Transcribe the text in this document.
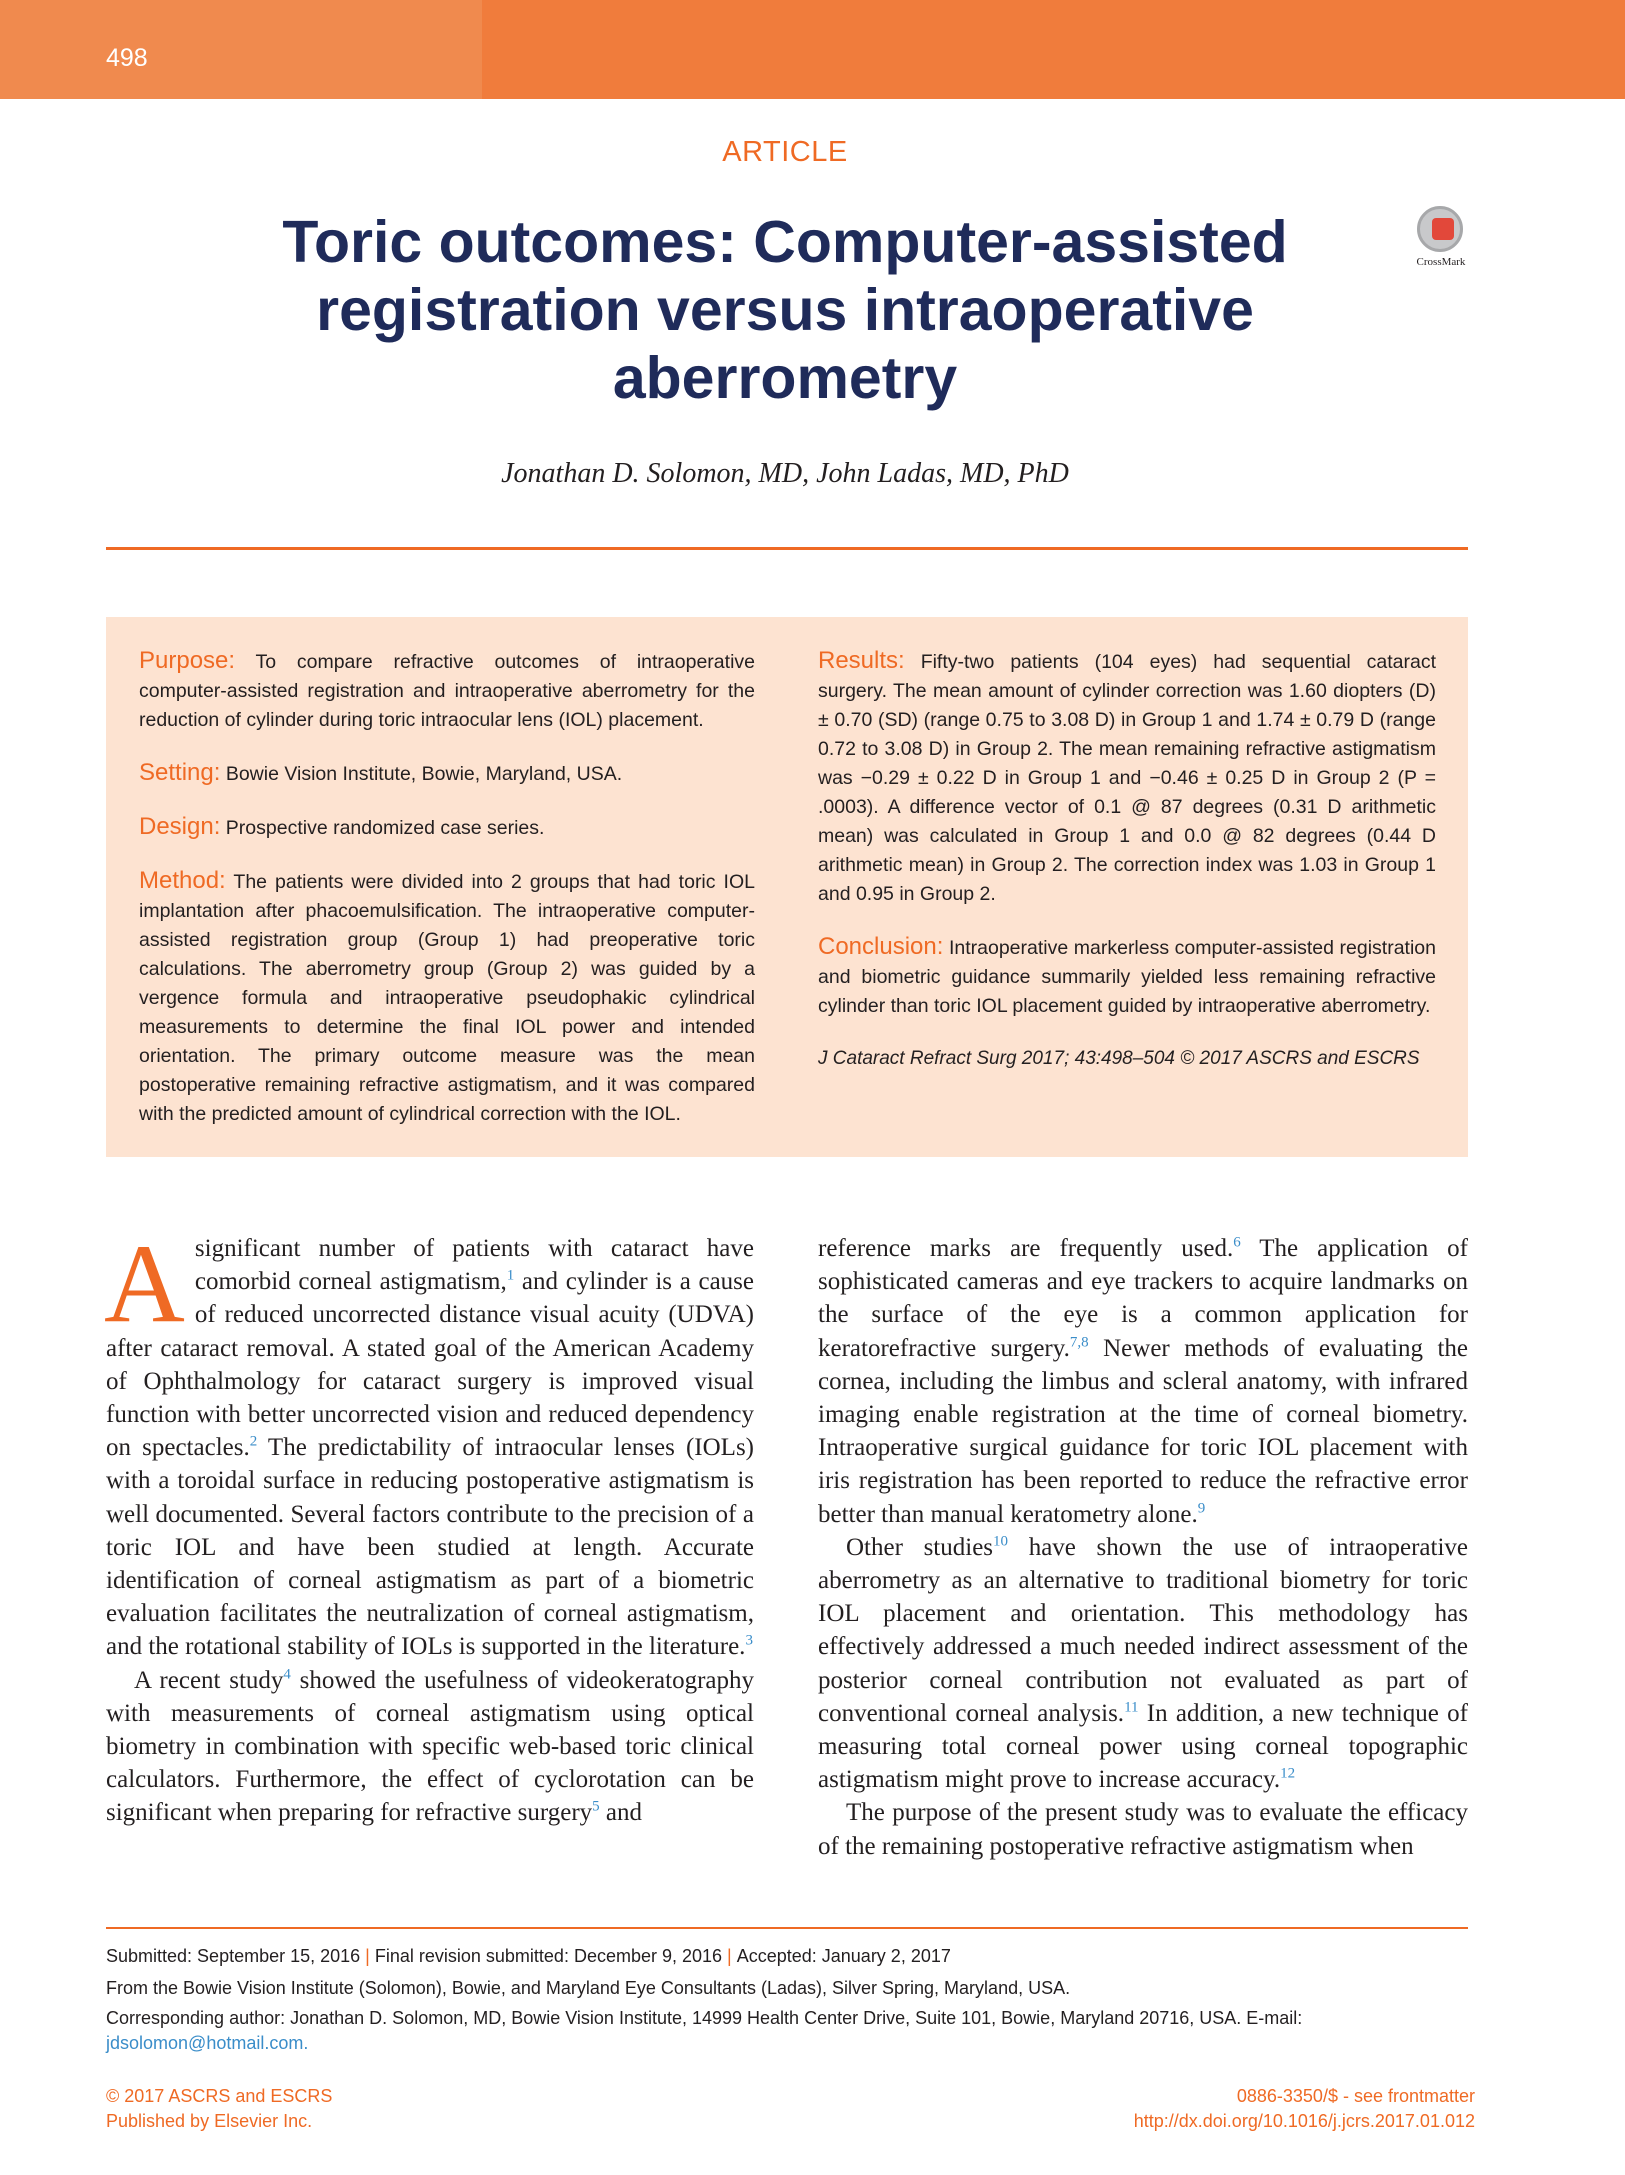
498
ARTICLE
Toric outcomes: Computer-assisted registration versus intraoperative aberrometry
CrossMark
Jonathan D. Solomon, MD, John Ladas, MD, PhD

Purpose: To compare refractive outcomes of intraoperative computer-assisted registration and intraoperative aberrometry for the reduction of cylinder during toric intraocular lens (IOL) placement.

Setting: Bowie Vision Institute, Bowie, Maryland, USA.

Design: Prospective randomized case series.

Method: The patients were divided into 2 groups that had toric IOL implantation after phacoemulsification. The intraoperative computer-assisted registration group (Group 1) had preoperative toric calculations. The aberrometry group (Group 2) was guided by a vergence formula and intraoperative pseudophakic cylindrical measurements to determine the final IOL power and intended orientation. The primary outcome measure was the mean postoperative remaining refractive astigmatism, and it was compared with the predicted amount of cylindrical correction with the IOL.

Results: Fifty-two patients (104 eyes) had sequential cataract surgery. The mean amount of cylinder correction was 1.60 diopters (D) ± 0.70 (SD) (range 0.75 to 3.08 D) in Group 1 and 1.74 ± 0.79 D (range 0.72 to 3.08 D) in Group 2. The mean remaining refractive astigmatism was −0.29 ± 0.22 D in Group 1 and −0.46 ± 0.25 D in Group 2 (P = .0003). A difference vector of 0.1 @ 87 degrees (0.31 D arithmetic mean) was calculated in Group 1 and 0.0 @ 82 degrees (0.44 D arithmetic mean) in Group 2. The correction index was 1.03 in Group 1 and 0.95 in Group 2.

Conclusion: Intraoperative markerless computer-assisted registration and biometric guidance summarily yielded less remaining refractive cylinder than toric IOL placement guided by intraoperative aberrometry.

J Cataract Refract Surg 2017; 43:498–504 © 2017 ASCRS and ESCRS

Asignificant number of patients with cataract have comorbid corneal astigmatism,$^1$ and cylinder is a cause of reduced uncorrected distance visual acuity (UDVA) after cataract removal. A stated goal of the American Academy of Ophthalmology for cataract surgery is improved visual function with better uncorrected vision and reduced dependency on spectacles.$^2$ The predictability of intraocular lenses (IOLs) with a toroidal surface in reducing postoperative astigmatism is well documented. Several factors contribute to the precision of a toric IOL and have been studied at length. Accurate identification of corneal astigmatism as part of a biometric evaluation facilitates the neutralization of corneal astigmatism, and the rotational stability of IOLs is supported in the literature.$^3$

A recent study$^4$ showed the usefulness of videokeratography with measurements of corneal astigmatism using optical biometry in combination with specific web-based toric clinical calculators. Furthermore, the effect of cyclorotation can be significant when preparing for refractive surgery$^5$ and

reference marks are frequently used.$^6$ The application of sophisticated cameras and eye trackers to acquire landmarks on the surface of the eye is a common application for keratorefractive surgery.$^{7,8}$ Newer methods of evaluating the cornea, including the limbus and scleral anatomy, with infrared imaging enable registration at the time of corneal biometry. Intraoperative surgical guidance for toric IOL placement with iris registration has been reported to reduce the refractive error better than manual keratometry alone.$^9$

Other studies$^{10}$ have shown the use of intraoperative aberrometry as an alternative to traditional biometry for toric IOL placement and orientation. This methodology has effectively addressed a much needed indirect assessment of the posterior corneal contribution not evaluated as part of conventional corneal analysis.$^{11}$ In addition, a new technique of measuring total corneal power using corneal topographic astigmatism might prove to increase accuracy.$^{12}$

The purpose of the present study was to evaluate the efficacy of the remaining postoperative refractive astigmatism when

Submitted: September 15, 2016 | Final revision submitted: December 9, 2016 | Accepted: January 2, 2017
From the Bowie Vision Institute (Solomon), Bowie, and Maryland Eye Consultants (Ladas), Silver Spring, Maryland, USA.
Corresponding author: Jonathan D. Solomon, MD, Bowie Vision Institute, 14999 Health Center Drive, Suite 101, Bowie, Maryland 20716, USA. E-mail: jdsolomon@hotmail.com.
© 2017 ASCRS and ESCRS
Published by Elsevier Inc.
0886-3350/$ - see frontmatter
http://dx.doi.org/10.1016/j.jcrs.2017.01.012
